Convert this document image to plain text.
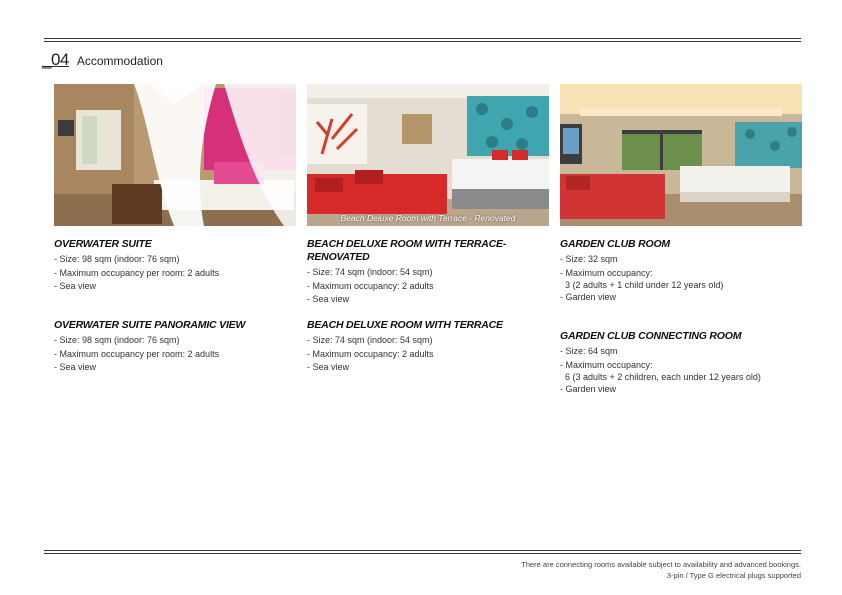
_04 Accommodation
Beach Deluxe Room with Terrace - Renovated
OVERWATER SUITE

- Size: 98 sqm (indoor: 76 sqm)

- Maximum occupancy per room: 2 adults

- Sea view

OVERWATER SUITE PANORAMIC VIEW

- Size: 98 sqm (indoor: 76 sqm)

- Maximum occupancy per room: 2 adults

- Sea view

BEACH DELUXE ROOM WITH TERRACE-
RENOVATED

- Size: 74 sqm (indoor: 54 sqm)

- Maximum occupancy: 2 adults

- Sea view

BEACH DELUXE ROOM WITH TERRACE

- Size: 74 sqm (indoor: 54 sqm)

- Maximum occupancy: 2 adults

- Sea view

GARDEN CLUB ROOM

- Size: 32 sqm

- Maximum occupancy:

3 (2 adults + 1 child under 12 years old)

- Garden view

GARDEN CLUB CONNECTING ROOM

- Size: 64 sqm

- Maximum occupancy:

6 (3 adults + 2 children, each under 12 years old)

- Garden view

There are connecting rooms available subject to availability and advanced bookings.
3-pin / Type G electrical plugs supported
